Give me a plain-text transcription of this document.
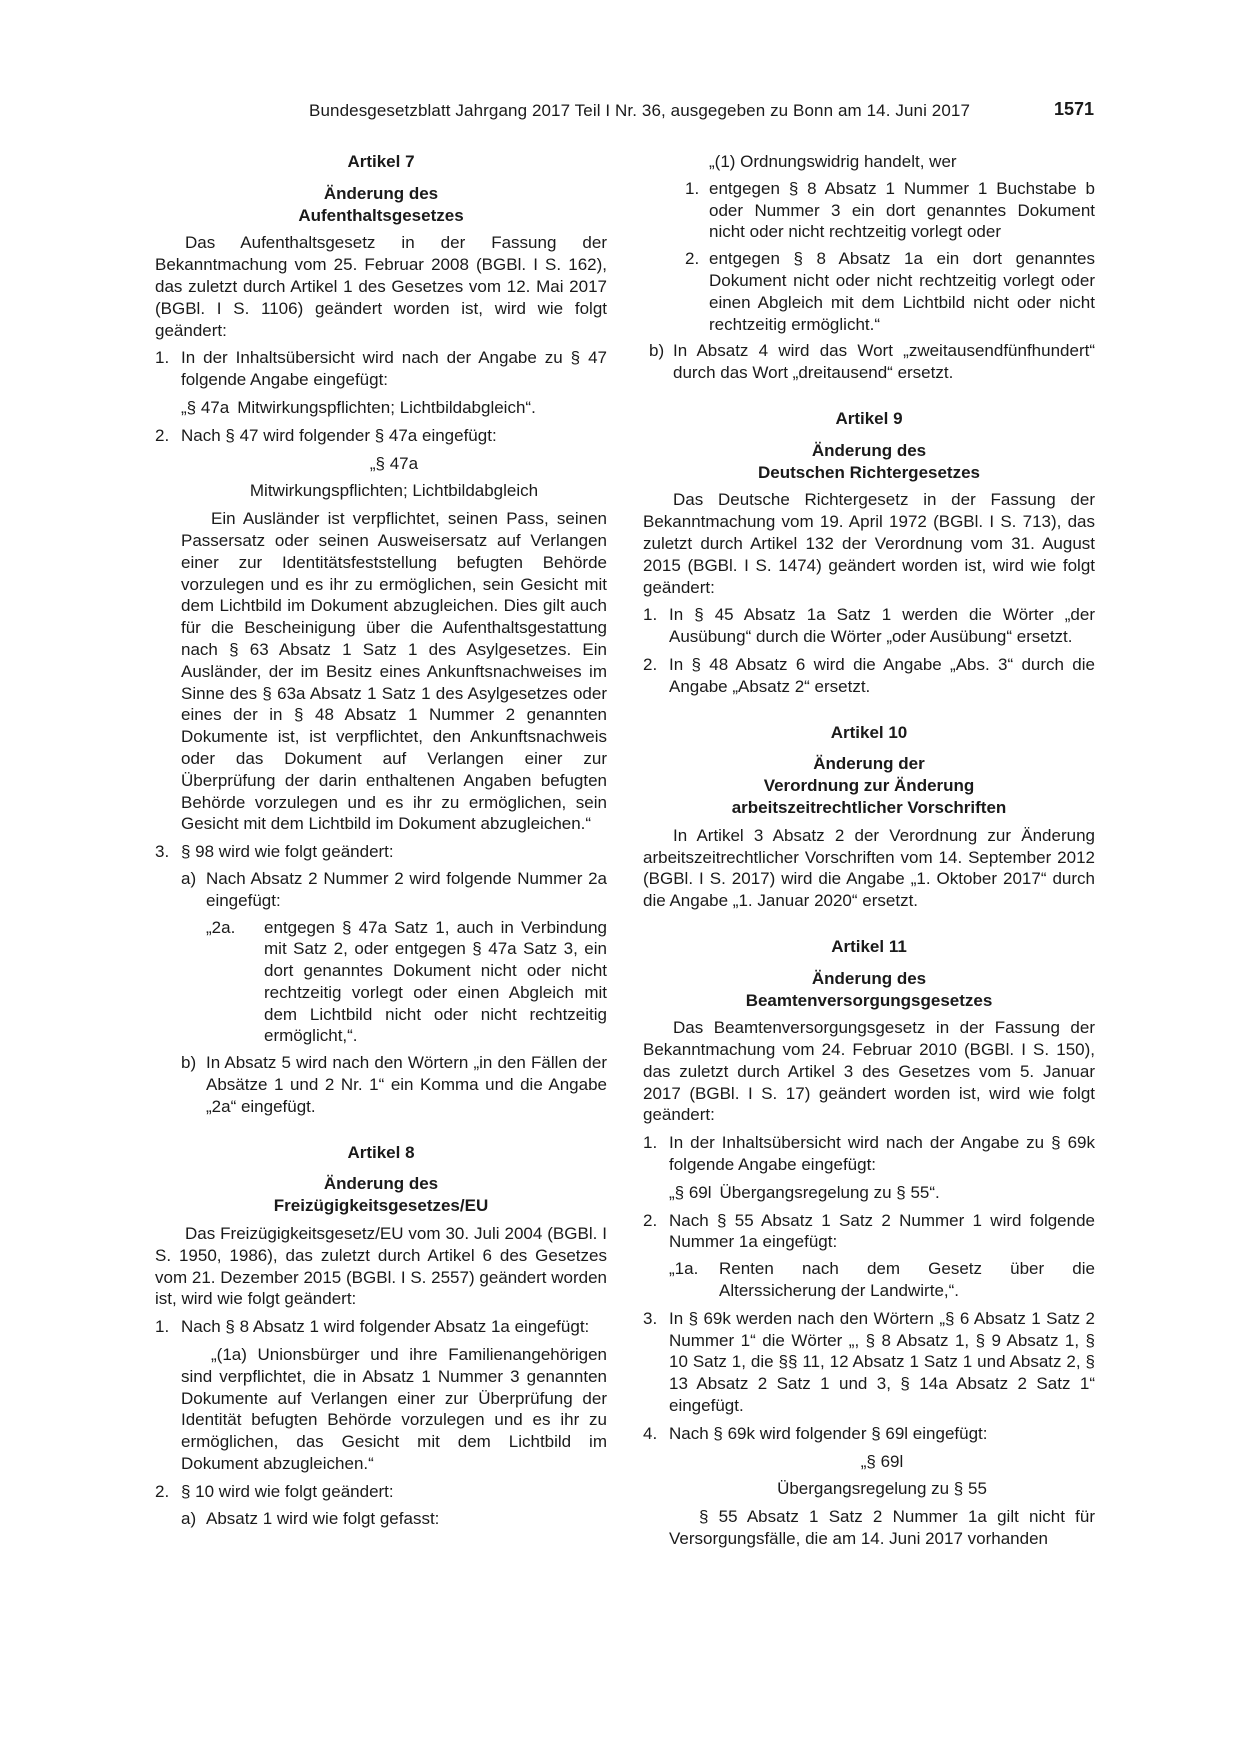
Bundesgesetzblatt Jahrgang 2017 Teil I Nr. 36, ausgegeben zu Bonn am 14. Juni 2017	1571

Artikel 7

Änderung des

Aufenthaltsgesetzes

Das Aufenthaltsgesetz in der Fassung der Bekanntmachung vom 25. Februar 2008 (BGBl. I S. 162), das zuletzt durch Artikel 1 des Gesetzes vom 12. Mai 2017 (BGBl. I S. 1106) geändert worden ist, wird wie folgt geändert:

1. In der Inhaltsübersicht wird nach der Angabe zu § 47 folgende Angabe eingefügt:

„§ 47a Mitwirkungspflichten; Lichtbildabgleich“.

2. Nach § 47 wird folgender § 47a eingefügt:

„§ 47a

Mitwirkungspflichten; Lichtbildabgleich

Ein Ausländer ist verpflichtet, seinen Pass, seinen Passersatz oder seinen Ausweisersatz auf Verlangen einer zur Identitätsfeststellung befugten Behörde vorzulegen und es ihr zu ermöglichen, sein Gesicht mit dem Lichtbild im Dokument abzugleichen. Dies gilt auch für die Bescheinigung über die Aufenthaltsgestattung nach § 63 Absatz 1 Satz 1 des Asylgesetzes. Ein Ausländer, der im Besitz eines Ankunftsnachweises im Sinne des § 63a Absatz 1 Satz 1 des Asylgesetzes oder eines der in § 48 Absatz 1 Nummer 2 genannten Dokumente ist, ist verpflichtet, den Ankunftsnachweis oder das Dokument auf Verlangen einer zur Überprüfung der darin enthaltenen Angaben befugten Behörde vorzulegen und es ihr zu ermöglichen, sein Gesicht mit dem Lichtbild im Dokument abzugleichen.“

3. § 98 wird wie folgt geändert:
a) Nach Absatz 2 Nummer 2 wird folgende Nummer 2a eingefügt:
„2a. entgegen § 47a Satz 1, auch in Verbindung mit Satz 2, oder entgegen § 47a Satz 3, ein dort genanntes Dokument nicht oder nicht rechtzeitig vorlegt oder einen Abgleich mit dem Lichtbild nicht oder nicht rechtzeitig ermöglicht,“.
b) In Absatz 5 wird nach den Wörtern „in den Fällen der Absätze 1 und 2 Nr. 1“ ein Komma und die Angabe „2a“ eingefügt.

Artikel 8

Änderung des

Freizügigkeitsgesetzes/EU

Das Freizügigkeitsgesetz/EU vom 30. Juli 2004 (BGBl. I S. 1950, 1986), das zuletzt durch Artikel 6 des Gesetzes vom 21. Dezember 2015 (BGBl. I S. 2557) geändert worden ist, wird wie folgt geändert:

1. Nach § 8 Absatz 1 wird folgender Absatz 1a eingefügt:

„(1a) Unionsbürger und ihre Familienangehörigen sind verpflichtet, die in Absatz 1 Nummer 3 genannten Dokumente auf Verlangen einer zur Überprüfung der Identität befugten Behörde vorzulegen und es ihr zu ermöglichen, das Gesicht mit dem Lichtbild im Dokument abzugleichen.“

2. § 10 wird wie folgt geändert:
a) Absatz 1 wird wie folgt gefasst:

„(1) Ordnungswidrig handelt, wer

1. entgegen § 8 Absatz 1 Nummer 1 Buchstabe b oder Nummer 3 ein dort genanntes Dokument nicht oder nicht rechtzeitig vorlegt oder
2. entgegen § 8 Absatz 1a ein dort genanntes Dokument nicht oder nicht rechtzeitig vorlegt oder einen Abgleich mit dem Lichtbild nicht oder nicht rechtzeitig ermöglicht.“
b) In Absatz 4 wird das Wort „zweitausendfünfhundert“ durch das Wort „dreitausend“ ersetzt.

Artikel 9

Änderung des

Deutschen Richtergesetzes

Das Deutsche Richtergesetz in der Fassung der Bekanntmachung vom 19. April 1972 (BGBl. I S. 713), das zuletzt durch Artikel 132 der Verordnung vom 31. August 2015 (BGBl. I S. 1474) geändert worden ist, wird wie folgt geändert:

1. In § 45 Absatz 1a Satz 1 werden die Wörter „der Ausübung“ durch die Wörter „oder Ausübung“ ersetzt.
2. In § 48 Absatz 6 wird die Angabe „Abs. 3“ durch die Angabe „Absatz 2“ ersetzt.

Artikel 10

Änderung der

Verordnung zur Änderung

arbeitszeitrechtlicher Vorschriften

In Artikel 3 Absatz 2 der Verordnung zur Änderung arbeitszeitrechtlicher Vorschriften vom 14. September 2012 (BGBl. I S. 2017) wird die Angabe „1. Oktober 2017“ durch die Angabe „1. Januar 2020“ ersetzt.

Artikel 11

Änderung des

Beamtenversorgungsgesetzes

Das Beamtenversorgungsgesetz in der Fassung der Bekanntmachung vom 24. Februar 2010 (BGBl. I S. 150), das zuletzt durch Artikel 3 des Gesetzes vom 5. Januar 2017 (BGBl. I S. 17) geändert worden ist, wird wie folgt geändert:

1. In der Inhaltsübersicht wird nach der Angabe zu § 69k folgende Angabe eingefügt:

„§ 69l Übergangsregelung zu § 55“.

2. Nach § 55 Absatz 1 Satz 2 Nummer 1 wird folgende Nummer 1a eingefügt:
„1a. Renten nach dem Gesetz über die Alterssicherung der Landwirte,“.
3. In § 69k werden nach den Wörtern „§ 6 Absatz 1 Satz 2 Nummer 1“ die Wörter „, § 8 Absatz 1, § 9 Absatz 1, § 10 Satz 1, die §§ 11, 12 Absatz 1 Satz 1 und Absatz 2, § 13 Absatz 2 Satz 1 und 3, § 14a Absatz 2 Satz 1“ eingefügt.
4. Nach § 69k wird folgender § 69l eingefügt:

„§ 69l

Übergangsregelung zu § 55

§ 55 Absatz 1 Satz 2 Nummer 1a gilt nicht für Versorgungsfälle, die am 14. Juni 2017 vorhanden
